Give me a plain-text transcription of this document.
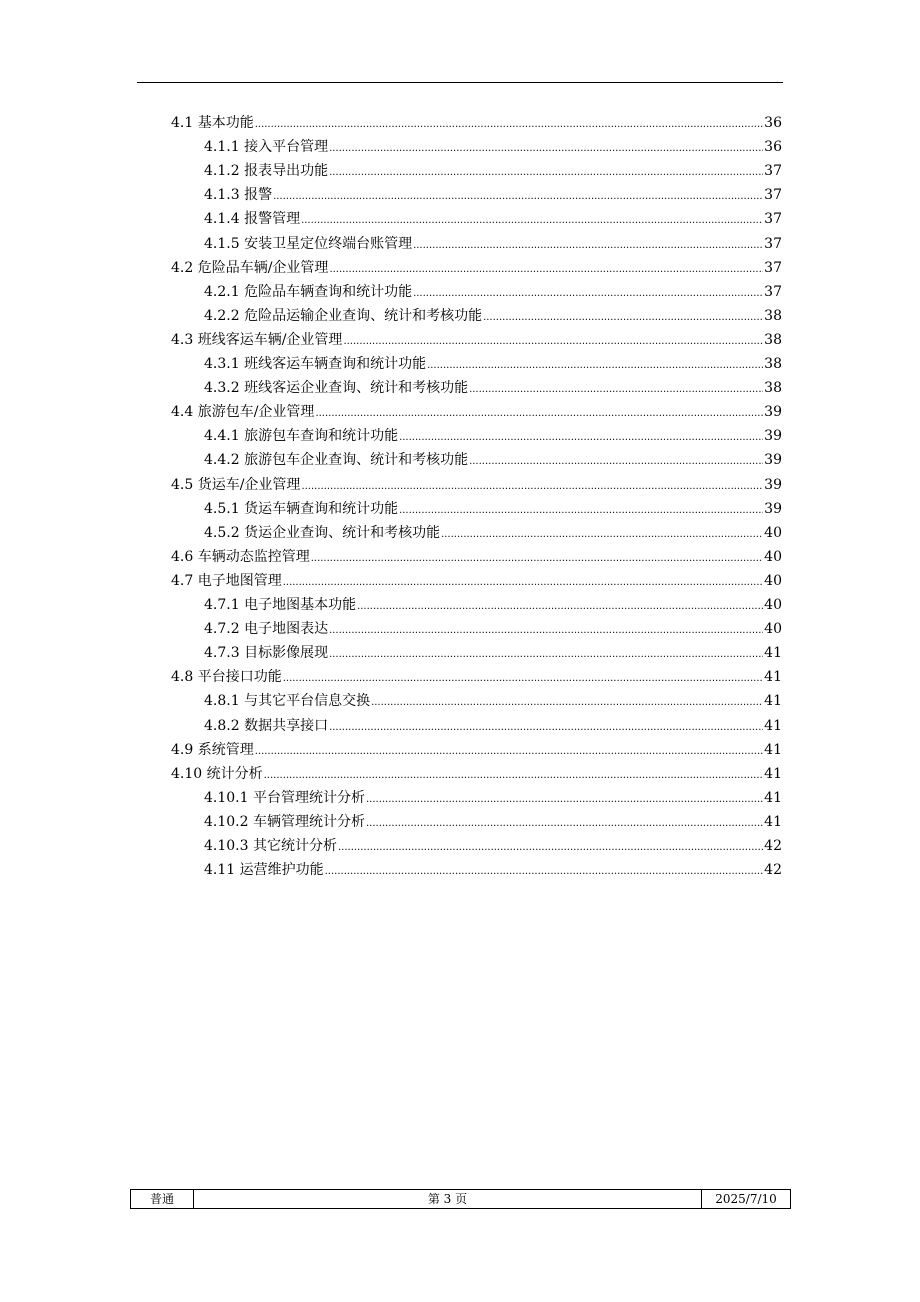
4.1 基本功能 .....	36
4.1.1 接入平台管理 .....	36
4.1.2 报表导出功能 .....	37
4.1.3 报警 .....	37
4.1.4 报警管理 .....	37
4.1.5 安装卫星定位终端台账管理 .....	37
4.2 危险品车辆/企业管理 .....	37
4.2.1 危险品车辆查询和统计功能 .....	37
4.2.2 危险品运输企业查询、统计和考核功能 .....	38
4.3 班线客运车辆/企业管理 .....	38
4.3.1 班线客运车辆查询和统计功能 .....	38
4.3.2 班线客运企业查询、统计和考核功能 .....	38
4.4 旅游包车/企业管理 .....	39
4.4.1 旅游包车查询和统计功能 .....	39
4.4.2 旅游包车企业查询、统计和考核功能 .....	39
4.5 货运车/企业管理 .....	39
4.5.1 货运车辆查询和统计功能 .....	39
4.5.2 货运企业查询、统计和考核功能 .....	40
4.6 车辆动态监控管理 .....	40
4.7 电子地图管理 .....	40
4.7.1 电子地图基本功能 .....	40
4.7.2 电子地图表达 .....	40
4.7.3 目标影像展现 .....	41
4.8 平台接口功能 .....	41
4.8.1 与其它平台信息交换 .....	41
4.8.2 数据共享接口 .....	41
4.9 系统管理 .....	41
4.10 统计分析 .....	41
4.10.1 平台管理统计分析 .....	41
4.10.2 车辆管理统计分析 .....	41
4.10.3 其它统计分析 .....	42
4.11 运营维护功能 .....	42
普通	第 3 页	2025/7/10
